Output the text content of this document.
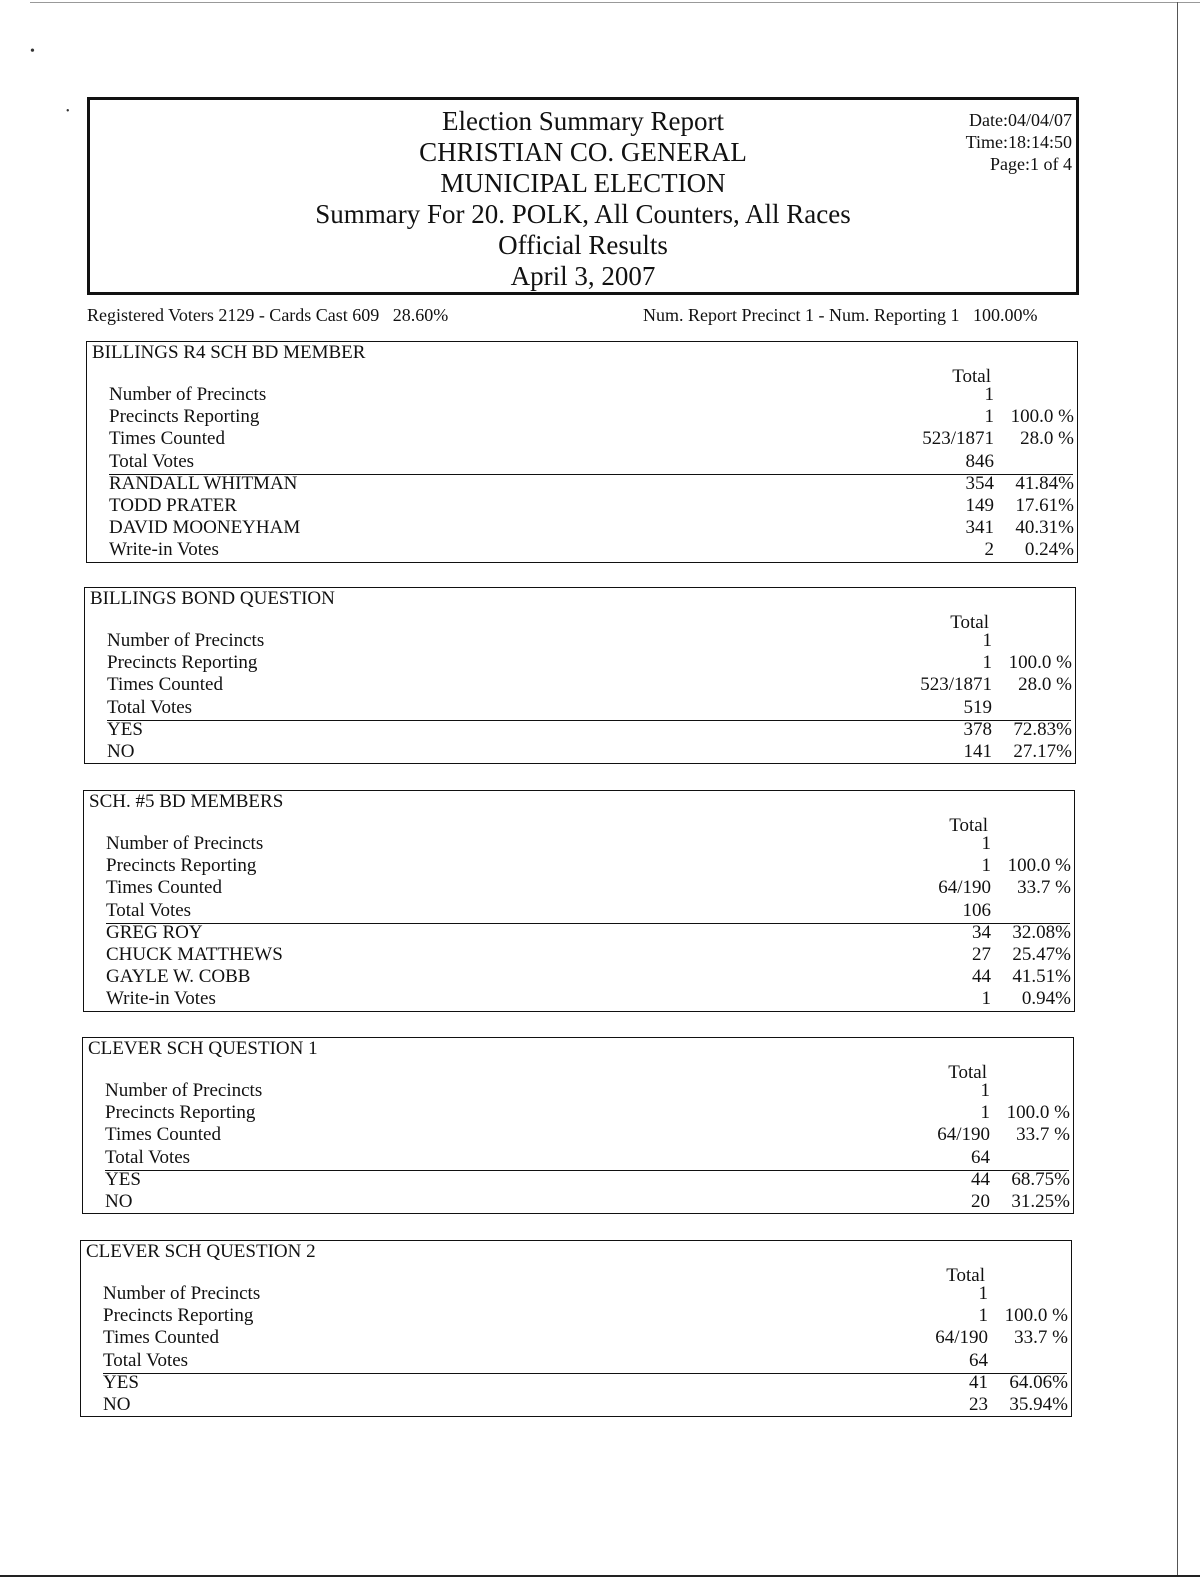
•
•	Election Summary Report
CHRISTIAN CO. GENERAL
MUNICIPAL ELECTION
Summary For 20. POLK, All Counters, All Races
Official Results
April 3, 2007
Date:04/04/07
Time:18:14:50
Page:1 of 4
Registered Voters 2129 - Cards Cast 609   28.60%	Num. Report Precinct 1 - Num. Reporting 1   100.00%
BILLINGS R4 SCH BD MEMBER
Total
Number of Precincts	1
Precincts Reporting	1 100.0 %
Times Counted	523/1871 28.0 %
Total Votes	846
RANDALL WHITMAN	354 41.84%
TODD PRATER	149 17.61%
DAVID MOONEYHAM	341 40.31%
Write-in Votes	2 0.24%
BILLINGS BOND QUESTION
Total
Number of Precincts	1
Precincts Reporting	1 100.0 %
Times Counted	523/1871 28.0 %
Total Votes	519
YES	378 72.83%
NO	141 27.17%
SCH. #5 BD MEMBERS
Total
Number of Precincts	1
Precincts Reporting	1 100.0 %
Times Counted	64/190 33.7 %
Total Votes	106
GREG ROY	34 32.08%
CHUCK MATTHEWS	27 25.47%
GAYLE W. COBB	44 41.51%
Write-in Votes	1 0.94%
CLEVER SCH QUESTION 1
Total
Number of Precincts	1
Precincts Reporting	1 100.0 %
Times Counted	64/190 33.7 %
Total Votes	64
YES	44 68.75%
NO	20 31.25%
CLEVER SCH QUESTION 2
Total
Number of Precincts	1
Precincts Reporting	1 100.0 %
Times Counted	64/190 33.7 %
Total Votes	64
YES	41 64.06%
NO	23 35.94%
